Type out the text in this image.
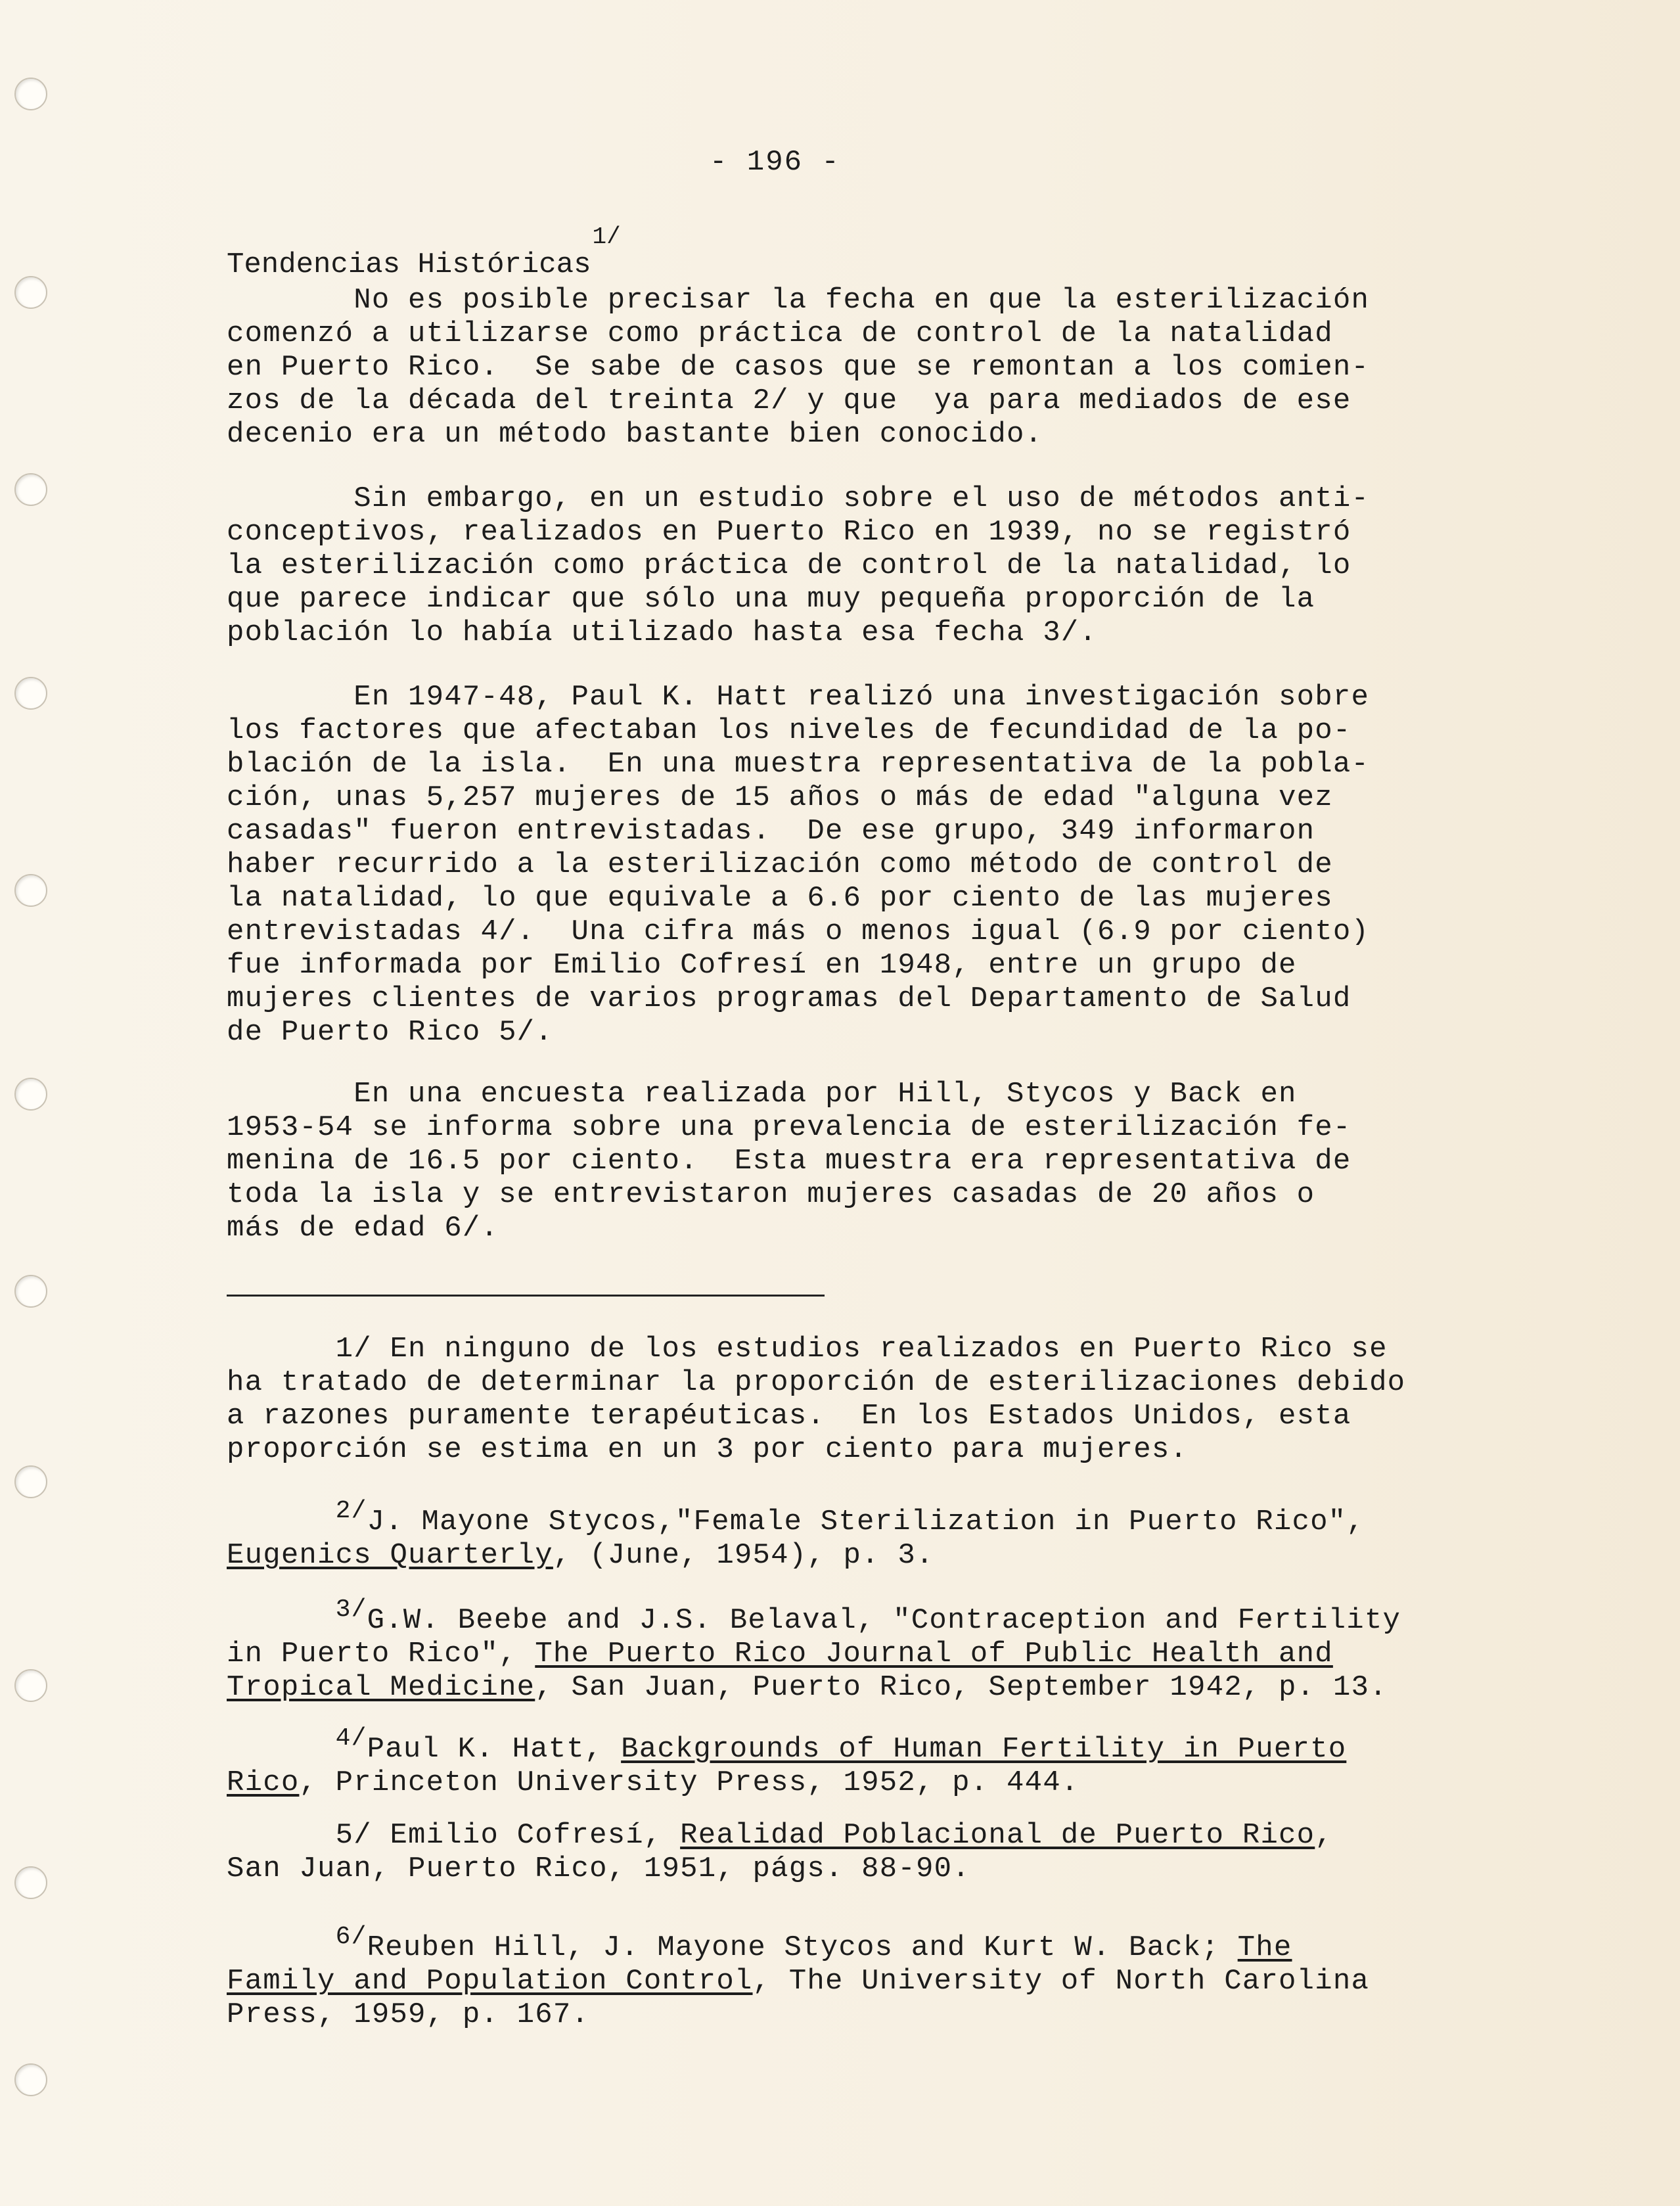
- 196 -
Tendencias Históricas$^{1/}$
No es posible precisar la fecha en que la esterilización
comenzó a utilizarse como práctica de control de la natalidad
en Puerto Rico.  Se sabe de casos que se remontan a los comien-
zos de la década del treinta 2/ y que  ya para mediados de ese
decenio era un método bastante bien conocido.
Sin embargo, en un estudio sobre el uso de métodos anti-
conceptivos, realizados en Puerto Rico en 1939, no se registró
la esterilización como práctica de control de la natalidad, lo
que parece indicar que sólo una muy pequeña proporción de la
población lo había utilizado hasta esa fecha 3/.
En 1947-48, Paul K. Hatt realizó una investigación sobre
los factores que afectaban los niveles de fecundidad de la po-
blación de la isla.  En una muestra representativa de la pobla-
ción, unas 5,257 mujeres de 15 años o más de edad "alguna vez
casadas" fueron entrevistadas.  De ese grupo, 349 informaron
haber recurrido a la esterilización como método de control de
la natalidad, lo que equivale a 6.6 por ciento de las mujeres
entrevistadas 4/.  Una cifra más o menos igual (6.9 por ciento)
fue informada por Emilio Cofresí en 1948, entre un grupo de
mujeres clientes de varios programas del Departamento de Salud
de Puerto Rico 5/.
En una encuesta realizada por Hill, Stycos y Back en
1953-54 se informa sobre una prevalencia de esterilización fe-
menina de 16.5 por ciento.  Esta muestra era representativa de
toda la isla y se entrevistaron mujeres casadas de 20 años o
más de edad 6/.
1/ En ninguno de los estudios realizados en Puerto Rico se
ha tratado de determinar la proporción de esterilizaciones debido
a razones puramente terapéuticas.  En los Estados Unidos, esta
proporción se estima en un 3 por ciento para mujeres.
2/J. Mayone Stycos,"Female Sterilization in Puerto Rico",
Eugenics Quarterly, (June, 1954), p. 3.
3/G.W. Beebe and J.S. Belaval, "Contraception and Fertility
in Puerto Rico", The Puerto Rico Journal of Public Health and
Tropical Medicine, San Juan, Puerto Rico, September 1942, p. 13.
4/Paul K. Hatt, Backgrounds of Human Fertility in Puerto
Rico, Princeton University Press, 1952, p. 444.
5/ Emilio Cofresí, Realidad Poblacional de Puerto Rico,
San Juan, Puerto Rico, 1951, págs. 88-90.
6/Reuben Hill, J. Mayone Stycos and Kurt W. Back; The
Family and Population Control, The University of North Carolina
Press, 1959, p. 167.
